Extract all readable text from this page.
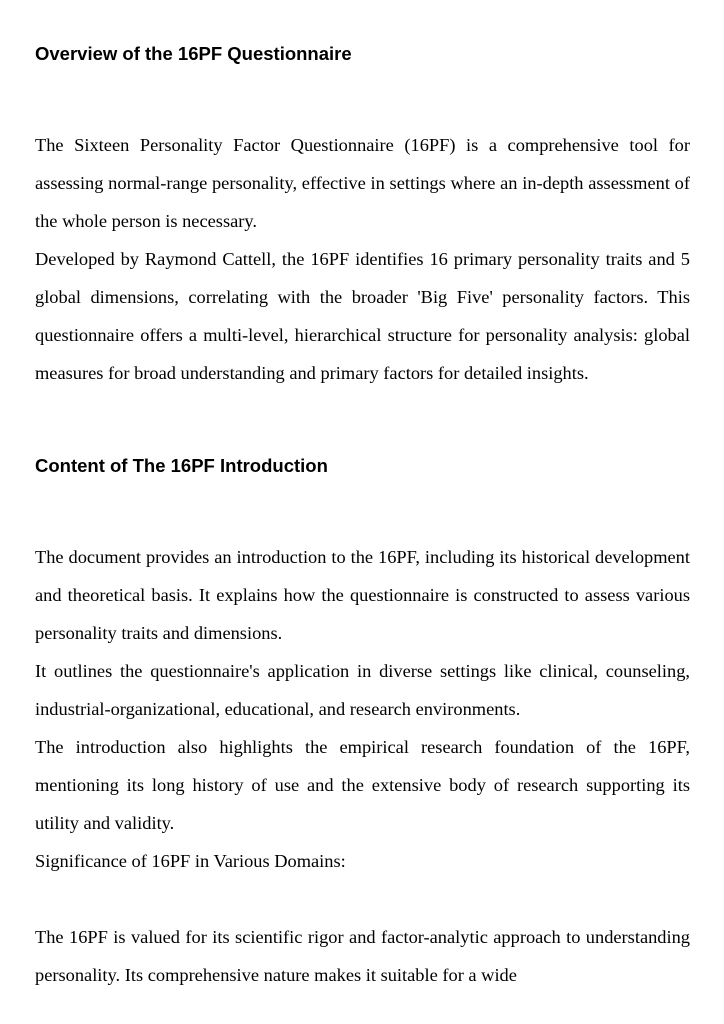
Overview of the 16PF Questionnaire

The Sixteen Personality Factor Questionnaire (16PF) is a comprehensive tool for assessing normal-range personality, effective in settings where an in-depth assessment of the whole person is necessary.

Developed by Raymond Cattell, the 16PF identifies 16 primary personality traits and 5 global dimensions, correlating with the broader 'Big Five' personality factors. This questionnaire offers a multi-level, hierarchical structure for personality analysis: global measures for broad understanding and primary factors for detailed insights.

Content of The 16PF Introduction

The document provides an introduction to the 16PF, including its historical development and theoretical basis. It explains how the questionnaire is constructed to assess various personality traits and dimensions.

It outlines the questionnaire's application in diverse settings like clinical, counseling, industrial-organizational, educational, and research environments.

The introduction also highlights the empirical research foundation of the 16PF, mentioning its long history of use and the extensive body of research supporting its utility and validity.

Significance of 16PF in Various Domains:

The 16PF is valued for its scientific rigor and factor-analytic approach to understanding personality. Its comprehensive nature makes it suitable for a wide
